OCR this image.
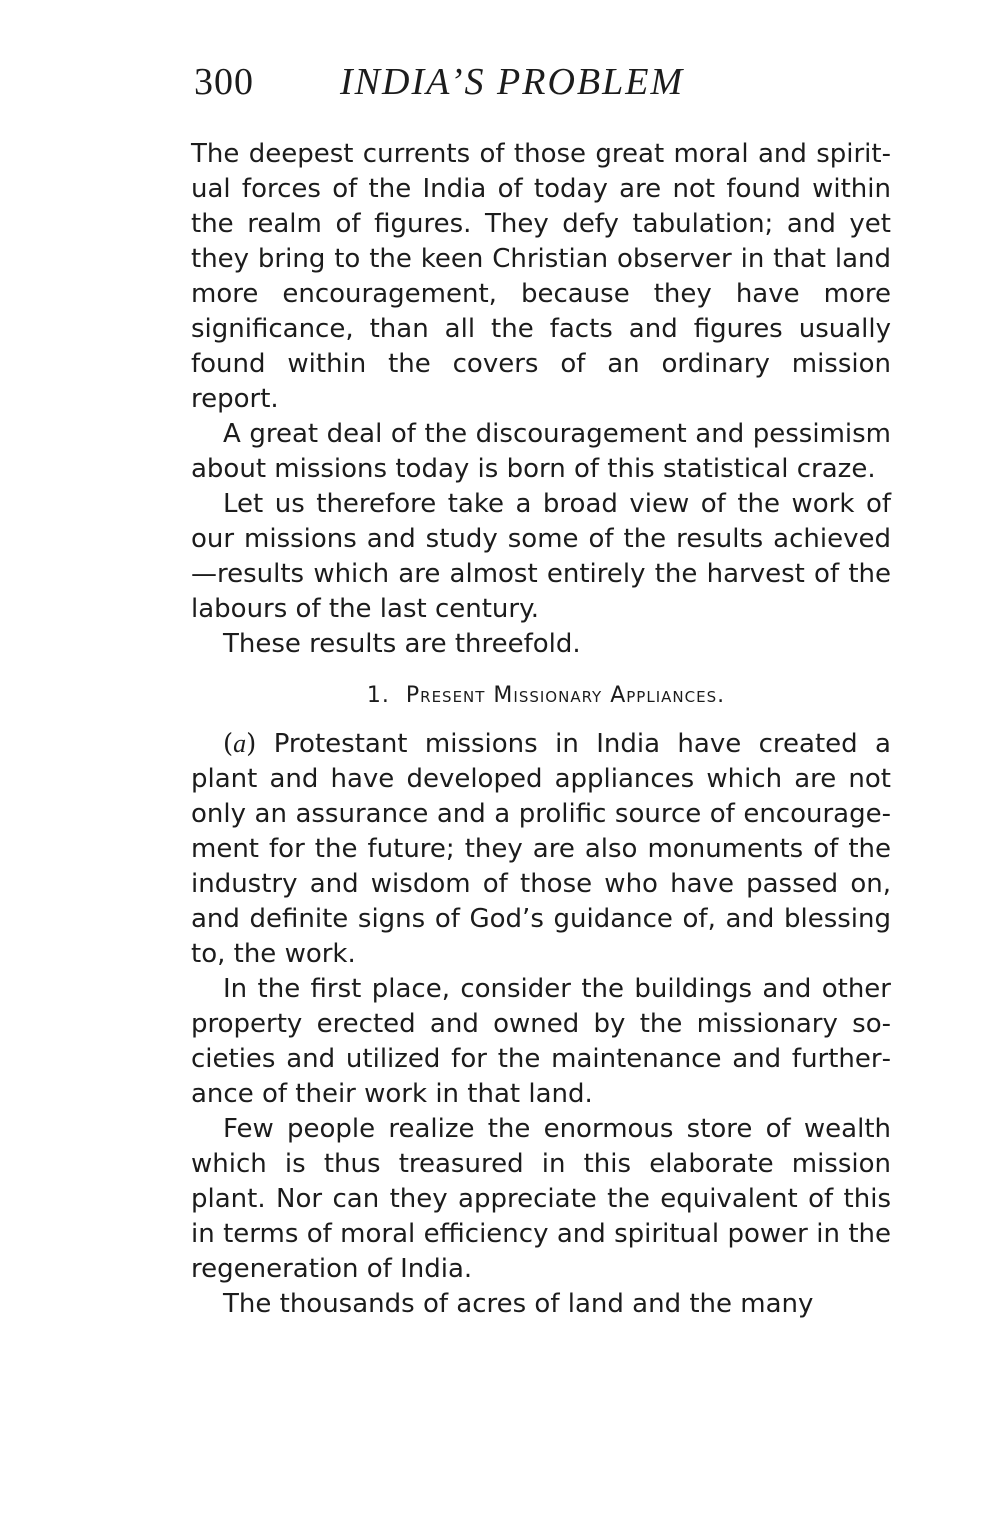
300 INDIA’S PROBLEM

The deepest currents of those great moral and spiritual forces of the India of today are not found within the realm of figures. They defy tabulation; and yet they bring to the keen Christian observer in that land more encouragement, because they have more significance, than all the facts and figures usually found within the covers of an ordinary mission report.

A great deal of the discouragement and pessimism about missions today is born of this statistical craze.

Let us therefore take a broad view of the work of our missions and study some of the results achieved —results which are almost entirely the harvest of the labours of the last century.

These results are threefold.

1. Present Missionary Appliances.

(a) Protestant missions in India have created a plant and have developed appliances which are not only an assurance and a prolific source of encouragement for the future; they are also monuments of the industry and wisdom of those who have passed on, and definite signs of God’s guidance of, and blessing to, the work.

In the first place, consider the buildings and other property erected and owned by the missionary societies and utilized for the maintenance and furtherance of their work in that land.

Few people realize the enormous store of wealth which is thus treasured in this elaborate mission plant. Nor can they appreciate the equivalent of this in terms of moral efficiency and spiritual power in the regeneration of India.

The thousands of acres of land and the many
